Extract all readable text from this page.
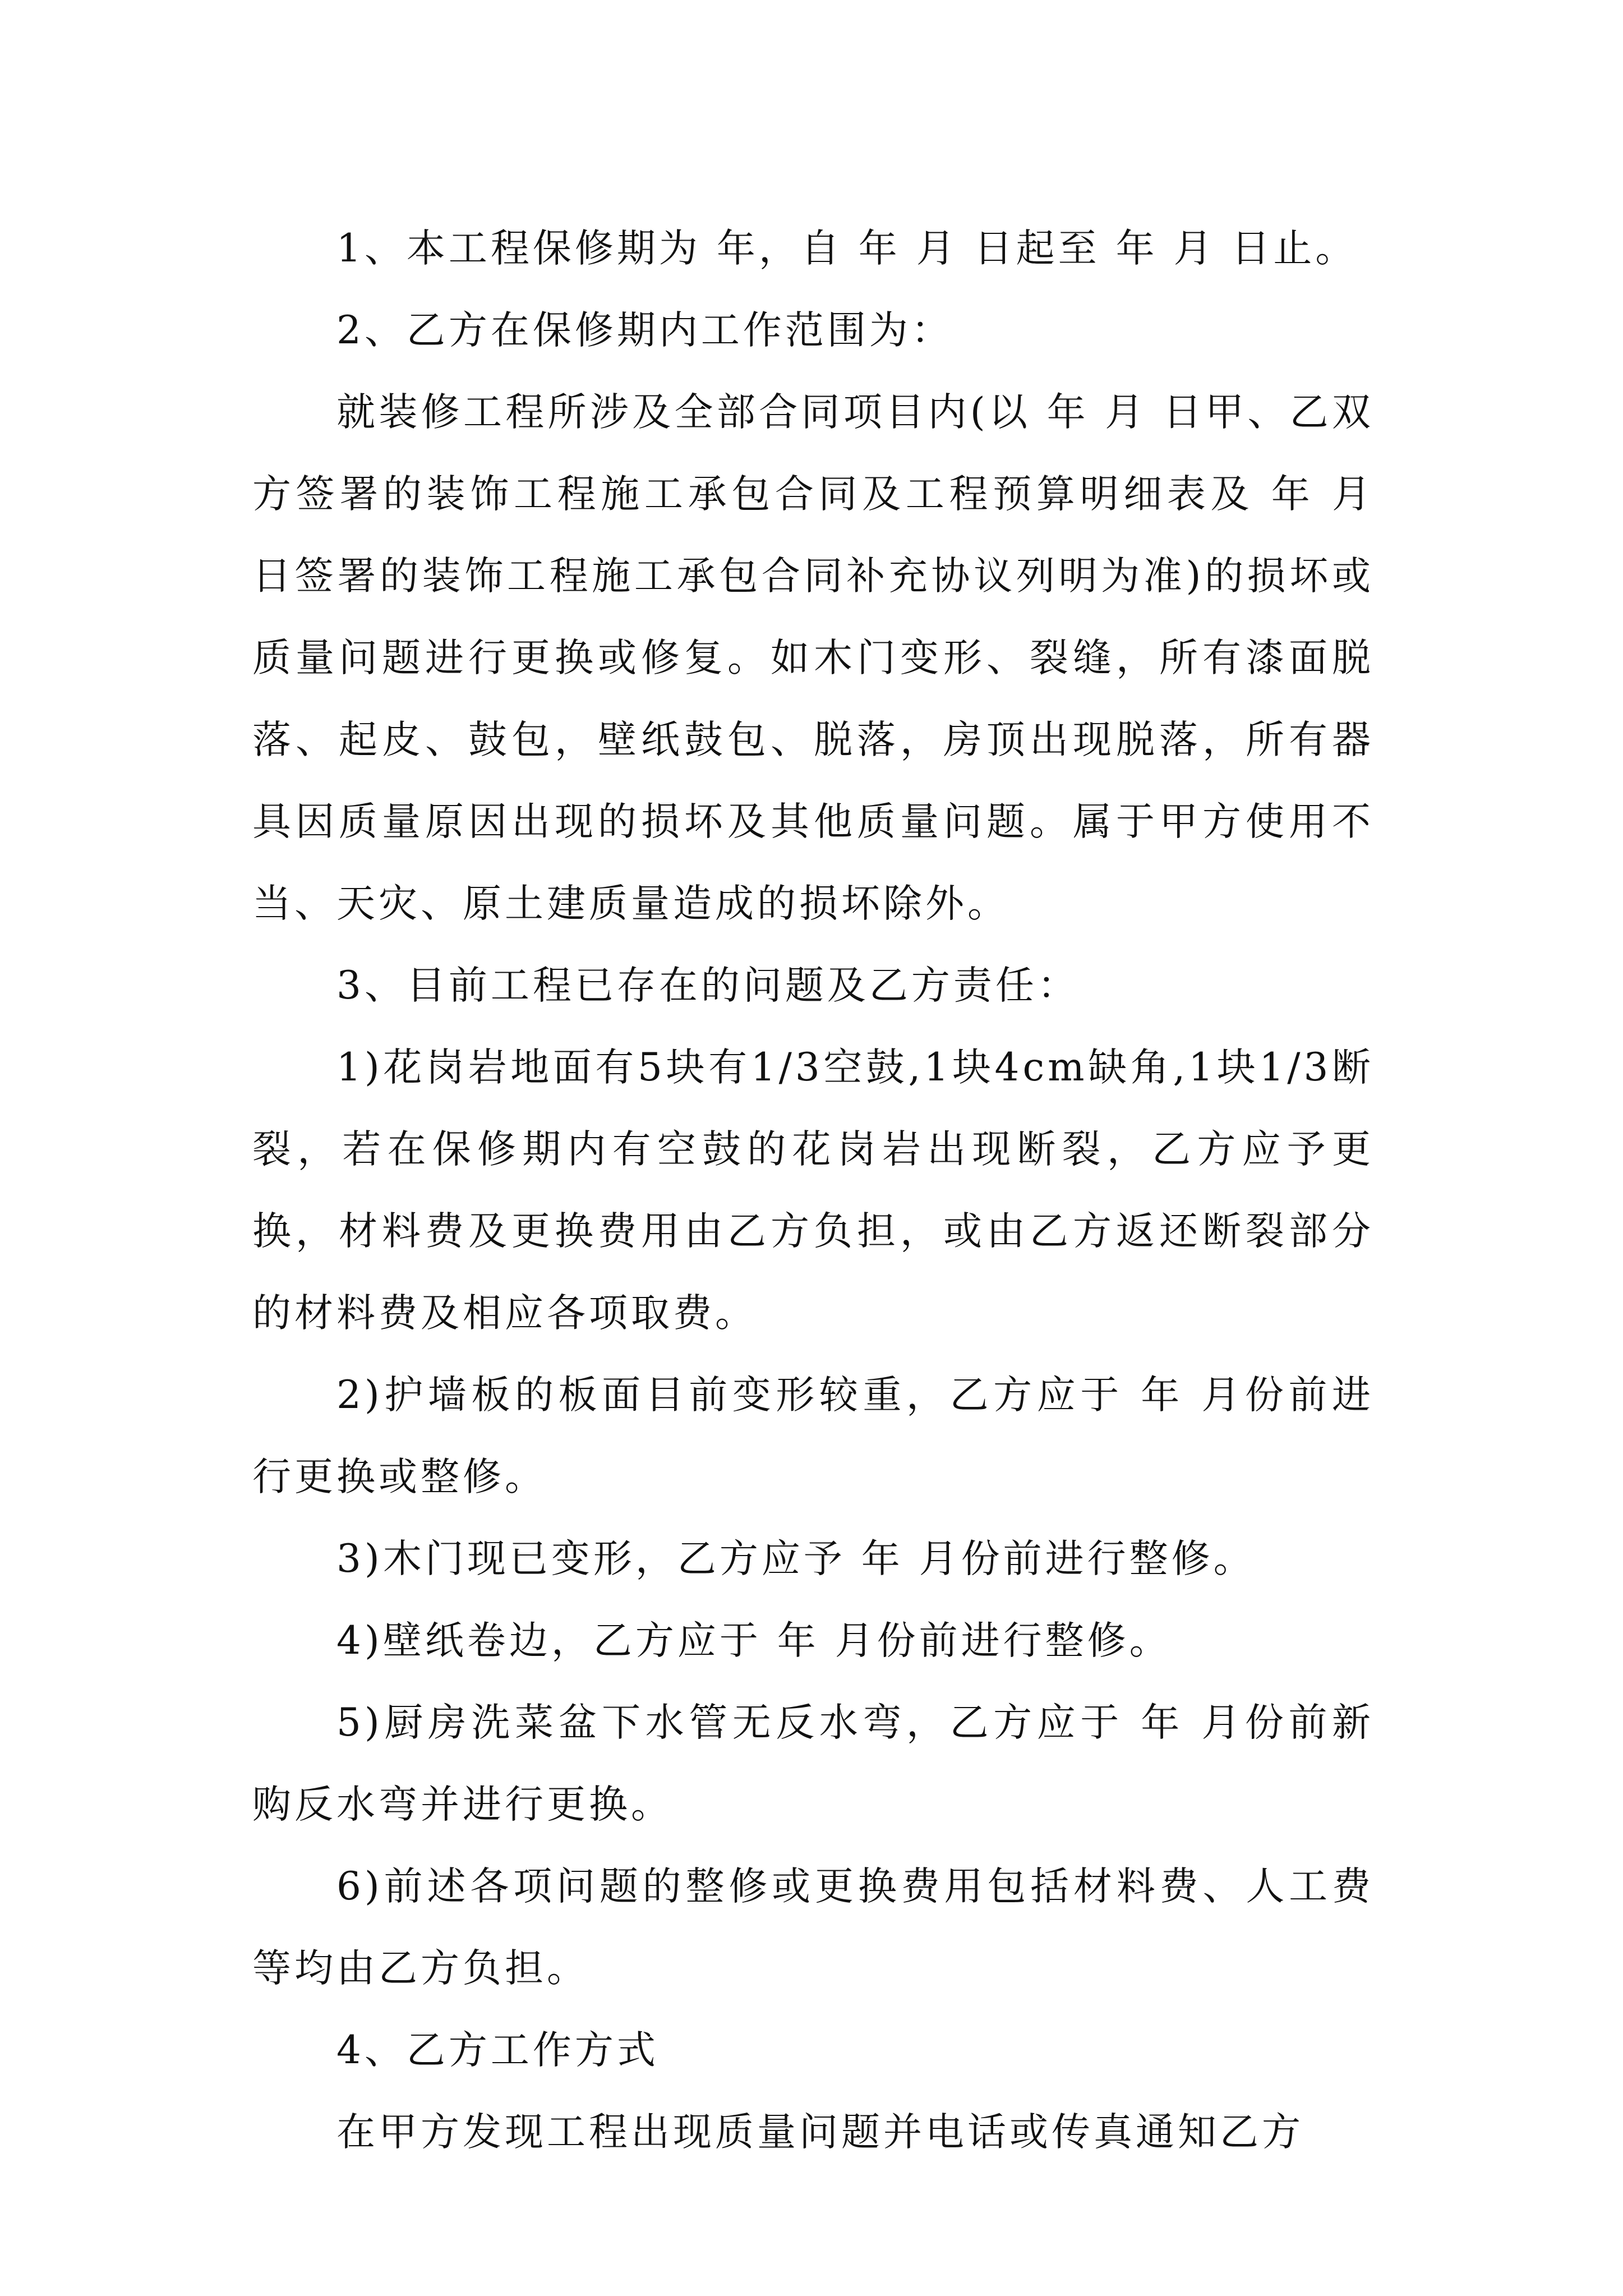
1、本工程保修期为 年，自 年 月 日起至 年 月 日止。

2、乙方在保修期内工作范围为：

就装修工程所涉及全部合同项目内(以 年 月 日甲、乙双方签署的装饰工程施工承包合同及工程预算明细表及 年 月 日签署的装饰工程施工承包合同补充协议列明为准)的损坏或质量问题进行更换或修复。如木门变形、裂缝，所有漆面脱落、起皮、鼓包，壁纸鼓包、脱落，房顶出现脱落，所有器具因质量原因出现的损坏及其他质量问题。属于甲方使用不当、天灾、原土建质量造成的损坏除外。

3、目前工程已存在的问题及乙方责任：

1)花岗岩地面有5块有1/3空鼓,1块4cm缺角,1块1/3断裂，若在保修期内有空鼓的花岗岩出现断裂，乙方应予更换，材料费及更换费用由乙方负担，或由乙方返还断裂部分的材料费及相应各项取费。

2)护墙板的板面目前变形较重，乙方应于 年 月份前进行更换或整修。

3)木门现已变形，乙方应予 年 月份前进行整修。

4)壁纸卷边，乙方应于 年 月份前进行整修。

5)厨房洗菜盆下水管无反水弯，乙方应于 年 月份前新购反水弯并进行更换。

6)前述各项问题的整修或更换费用包括材料费、人工费等均由乙方负担。

4、乙方工作方式

在甲方发现工程出现质量问题并电话或传真通知乙方
